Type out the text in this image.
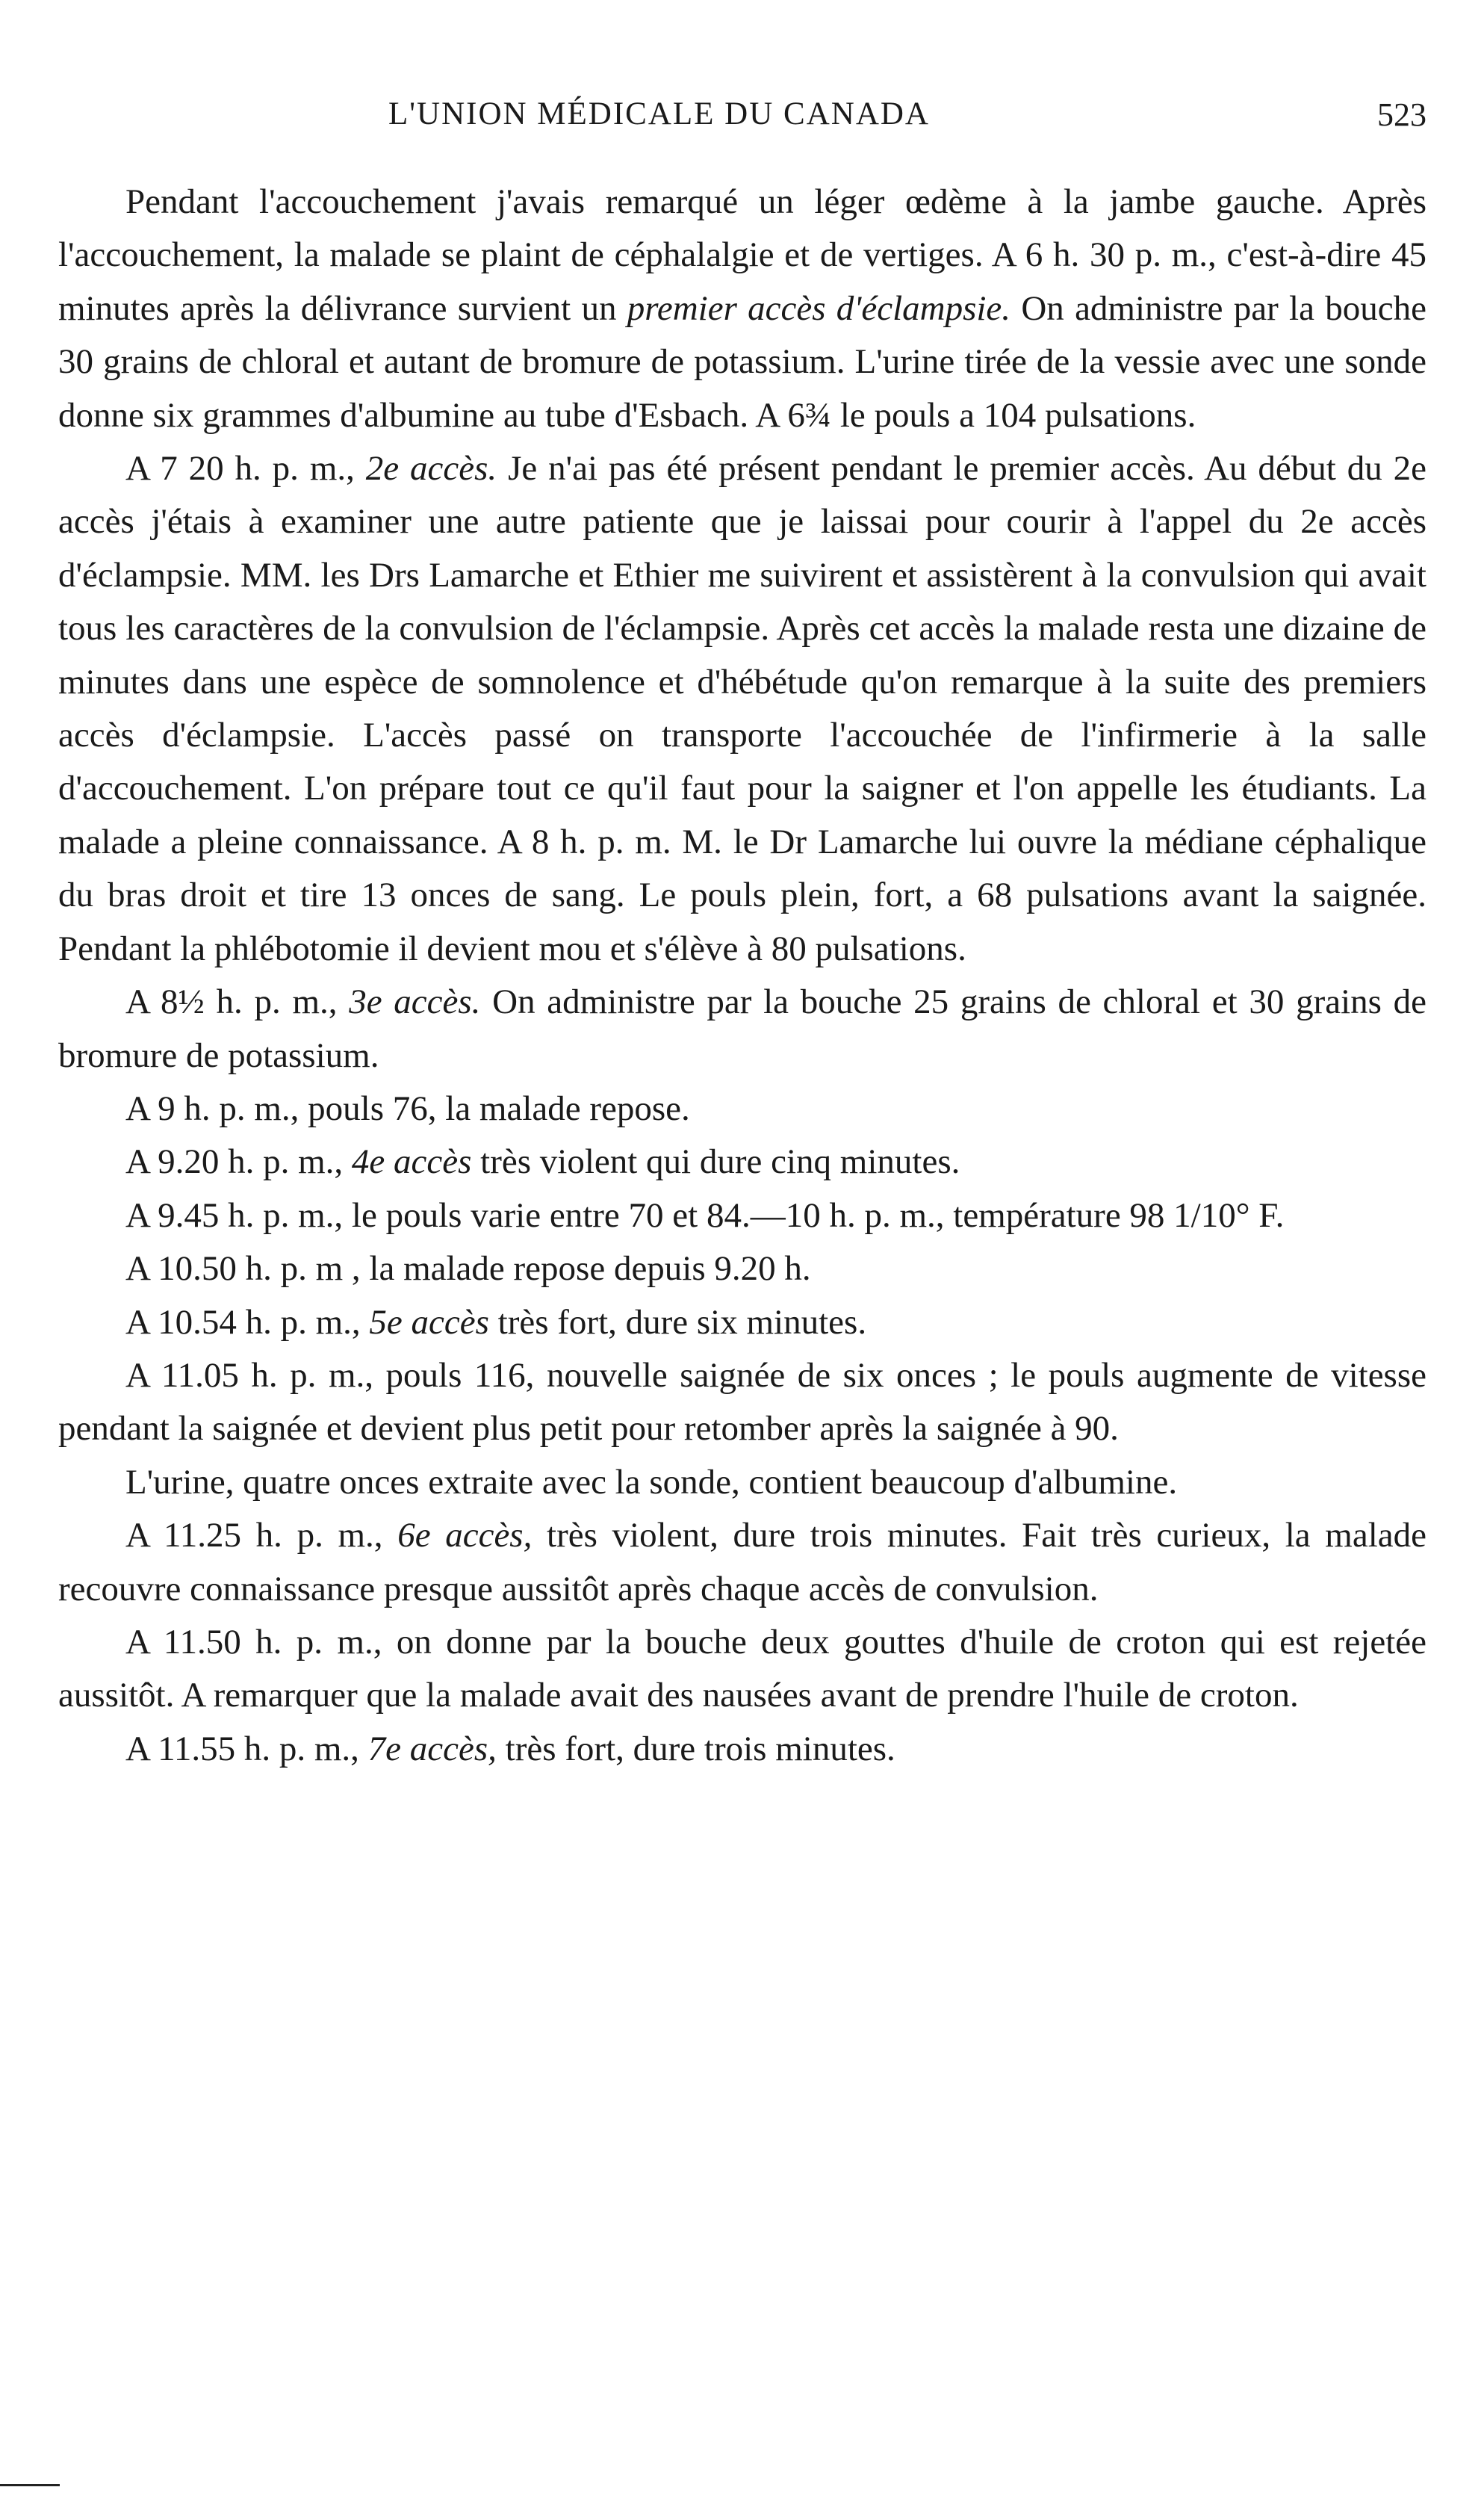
L'UNION MÉDICALE DU CANADA	523

Pendant l'accouchement j'avais remarqué un léger œdème à la jambe gauche. Après l'accouchement, la malade se plaint de céphalalgie et de vertiges. A 6 h. 30 p. m., c'est-à-dire 45 minutes après la délivrance survient un premier accès d'éclampsie. On administre par la bouche 30 grains de chloral et autant de bromure de potassium. L'urine tirée de la vessie avec une sonde donne six grammes d'albumine au tube d'Esbach. A 6¾ le pouls a 104 pulsations.

A 7 20 h. p. m., 2e accès. Je n'ai pas été présent pendant le premier accès. Au début du 2e accès j'étais à examiner une autre patiente que je laissai pour courir à l'appel du 2e accès d'éclampsie. MM. les Drs Lamarche et Ethier me suivirent et assistèrent à la convulsion qui avait tous les caractères de la convulsion de l'éclampsie. Après cet accès la malade resta une dizaine de minutes dans une espèce de somnolence et d'hébétude qu'on remarque à la suite des premiers accès d'éclampsie. L'accès passé on transporte l'accouchée de l'infirmerie à la salle d'accouchement. L'on prépare tout ce qu'il faut pour la saigner et l'on appelle les étudiants. La malade a pleine connaissance. A 8 h. p. m. M. le Dr Lamarche lui ouvre la médiane céphalique du bras droit et tire 13 onces de sang. Le pouls plein, fort, a 68 pulsations avant la saignée. Pendant la phlébotomie il devient mou et s'élève à 80 pulsations.

A 8½ h. p. m., 3e accès. On administre par la bouche 25 grains de chloral et 30 grains de bromure de potassium.

A 9 h. p. m., pouls 76, la malade repose.

A 9.20 h. p. m., 4e accès très violent qui dure cinq minutes.

A 9.45 h. p. m., le pouls varie entre 70 et 84.—10 h. p. m., température 98 1/10° F.

A 10.50 h. p. m , la malade repose depuis 9.20 h.

A 10.54 h. p. m., 5e accès très fort, dure six minutes.

A 11.05 h. p. m., pouls 116, nouvelle saignée de six onces ; le pouls augmente de vitesse pendant la saignée et devient plus petit pour retomber après la saignée à 90.

L'urine, quatre onces extraite avec la sonde, contient beaucoup d'albumine.

A 11.25 h. p. m., 6e accès, très violent, dure trois minutes. Fait très curieux, la malade recouvre connaissance presque aussitôt après chaque accès de convulsion.

A 11.50 h. p. m., on donne par la bouche deux gouttes d'huile de croton qui est rejetée aussitôt. A remarquer que la malade avait des nausées avant de prendre l'huile de croton.

A 11.55 h. p. m., 7e accès, très fort, dure trois minutes.
